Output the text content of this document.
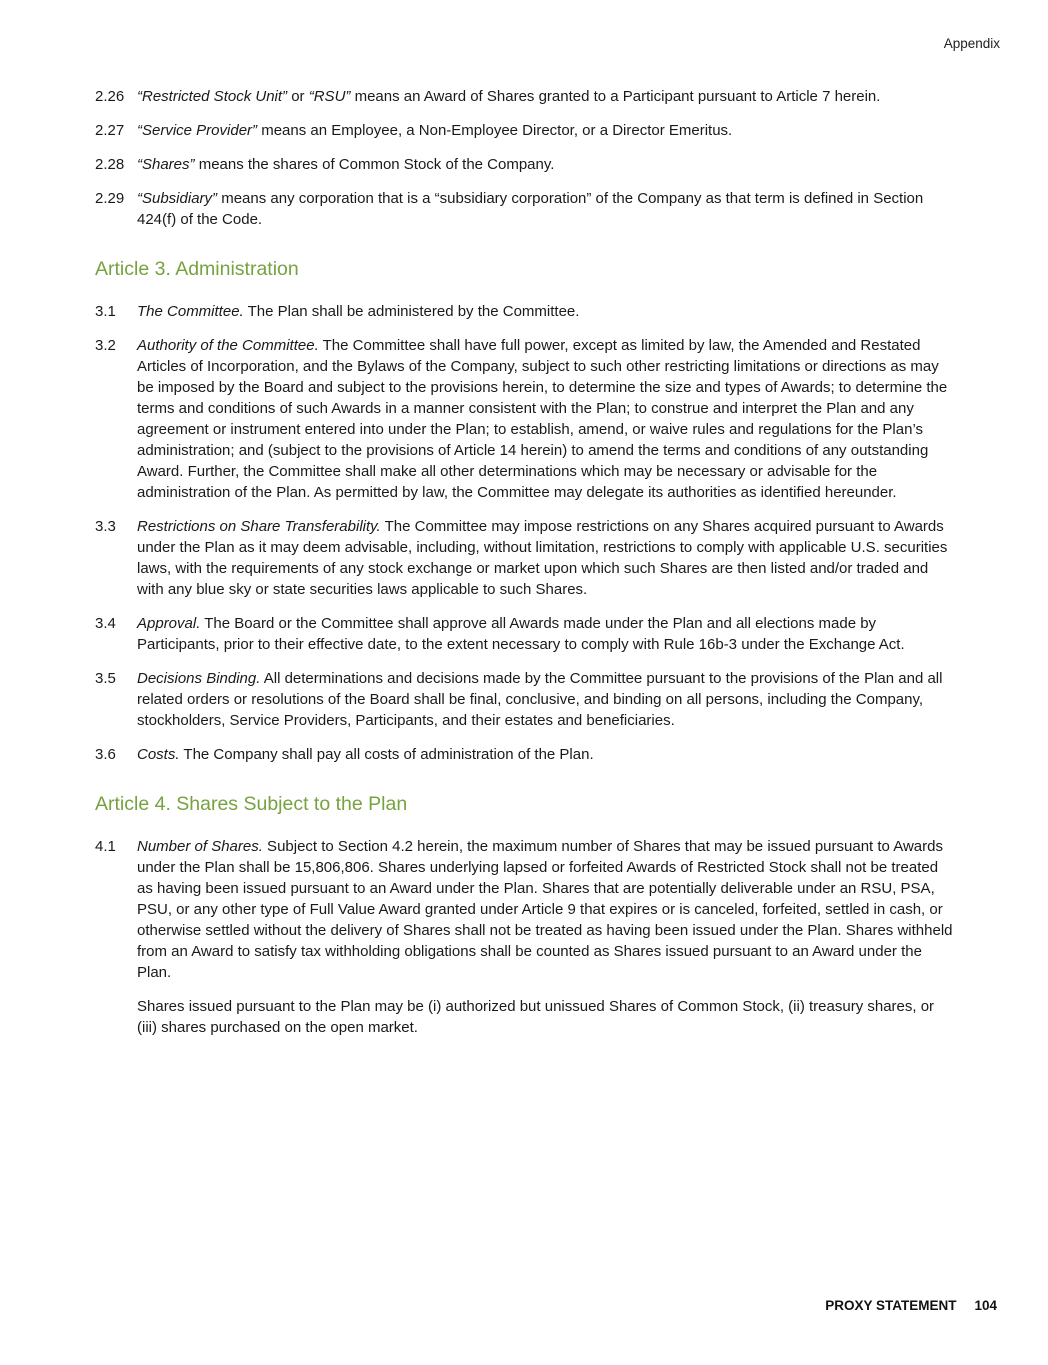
Appendix
2.26 “Restricted Stock Unit” or “RSU” means an Award of Shares granted to a Participant pursuant to Article 7 herein.
2.27 “Service Provider” means an Employee, a Non-Employee Director, or a Director Emeritus.
2.28 “Shares” means the shares of Common Stock of the Company.
2.29 “Subsidiary” means any corporation that is a “subsidiary corporation” of the Company as that term is defined in Section 424(f) of the Code.
Article 3. Administration
3.1	The Committee. The Plan shall be administered by the Committee.
3.2	Authority of the Committee. The Committee shall have full power, except as limited by law, the Amended and Restated Articles of Incorporation, and the Bylaws of the Company, subject to such other restricting limitations or directions as may be imposed by the Board and subject to the provisions herein, to determine the size and types of Awards; to determine the terms and conditions of such Awards in a manner consistent with the Plan; to construe and interpret the Plan and any agreement or instrument entered into under the Plan; to establish, amend, or waive rules and regulations for the Plan’s administration; and (subject to the provisions of Article 14 herein) to amend the terms and conditions of any outstanding Award. Further, the Committee shall make all other determinations which may be necessary or advisable for the administration of the Plan. As permitted by law, the Committee may delegate its authorities as identified hereunder.
3.3	Restrictions on Share Transferability. The Committee may impose restrictions on any Shares acquired pursuant to Awards under the Plan as it may deem advisable, including, without limitation, restrictions to comply with applicable U.S. securities laws, with the requirements of any stock exchange or market upon which such Shares are then listed and/or traded and with any blue sky or state securities laws applicable to such Shares.
3.4	Approval. The Board or the Committee shall approve all Awards made under the Plan and all elections made by Participants, prior to their effective date, to the extent necessary to comply with Rule 16b-3 under the Exchange Act.
3.5	Decisions Binding. All determinations and decisions made by the Committee pursuant to the provisions of the Plan and all related orders or resolutions of the Board shall be final, conclusive, and binding on all persons, including the Company,  stockholders, Service Providers, Participants, and their estates and beneficiaries.
3.6	Costs. The Company shall pay all costs of administration of the Plan.
Article 4. Shares Subject to the Plan
4.1	Number of Shares. Subject to Section 4.2 herein, the maximum number of Shares that may be issued pursuant to Awards under the Plan shall be 15,806,806. Shares underlying lapsed or forfeited Awards of Restricted Stock shall not be treated as having been issued pursuant to an Award under the Plan. Shares that are potentially deliverable under an RSU, PSA, PSU, or any other type of Full Value Award granted under Article 9 that expires or is canceled, forfeited, settled in cash, or otherwise settled without the delivery of Shares shall not be treated as having been issued under the Plan. Shares withheld from an Award to satisfy tax withholding obligations shall be counted as Shares issued pursuant to an Award under the Plan.
Shares issued pursuant to the Plan may be (i) authorized but unissued Shares of Common Stock, (ii) treasury shares, or (iii) shares purchased on the open market.
PROXY STATEMENT 104
